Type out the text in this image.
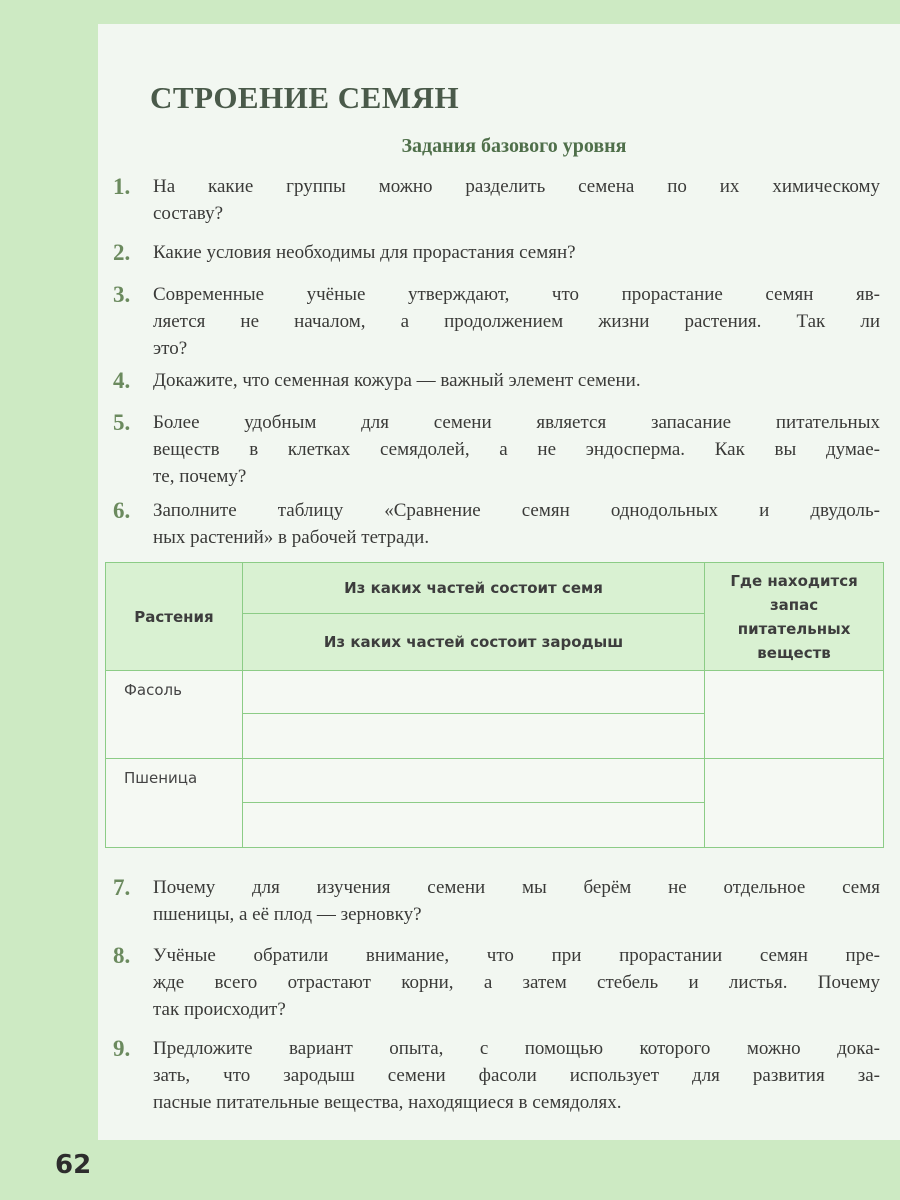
СТРОЕНИЕ СЕМЯН
Задания базового уровня
1. На какие группы можно разделить семена по их химическому
составу?
2. Какие условия необходимы для прорастания семян?
3. Современные учёные утверждают, что прорастание семян яв-
ляется не началом, а продолжением жизни растения. Так ли
это?
4. Докажите, что семенная кожура — важный элемент семени.
5. Более удобным для семени является запасание питательных
веществ в клетках семядолей, а не эндосперма. Как вы думае-
те, почему?
6. Заполните таблицу «Сравнение семян однодольных и двудоль-
ных растений» в рабочей тетради.
Растения	Из каких частей состоит семя	Где находится запас питательных веществ
	Из каких частей состоит зародыш	
Фасоль		

Пшеница		

7. Почему для изучения семени мы берём не отдельное семя
пшеницы, а её плод — зерновку?
8. Учёные обратили внимание, что при прорастании семян пре-
жде всего отрастают корни, а затем стебель и листья. Почему
так происходит?
9. Предложите вариант опыта, с помощью которого можно дока-
зать, что зародыш семени фасоли использует для развития за-
пасные питательные вещества, находящиеся в семядолях.
62
